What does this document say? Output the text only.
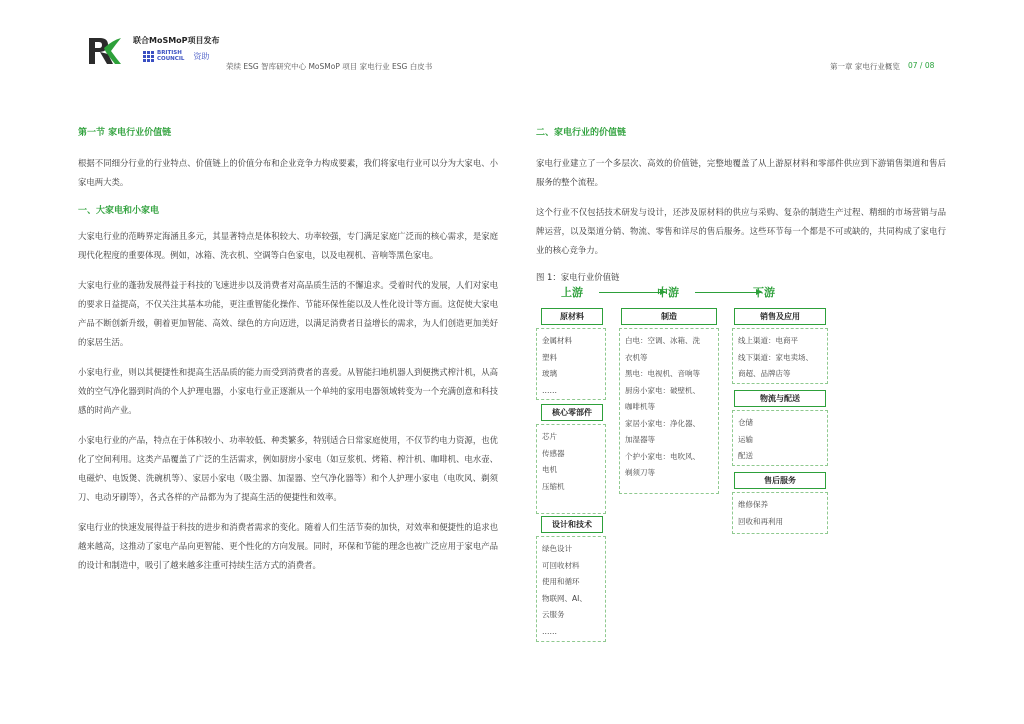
联合MoSMoP项目发布
BRITISH
COUNCIL 资助
荣续 ESG 智库研究中心 MoSMoP 项目 家电行业 ESG 白皮书	第一章 家电行业概览 07 / 08
第一节 家电行业价值链

根据不同细分行业的行业特点、价值链上的价值分布和企业竞争力构成要素，我们将家电行业可以分为大家电、小家电两大类。

一、大家电和小家电

大家电行业的范畴界定海涵且多元，其显著特点是体积较大、功率较强，专门满足家庭广泛而的核心需求，是家庭现代化程度的重要体现。例如，冰箱、洗衣机、空调等白色家电，以及电视机、音响等黑色家电。

大家电行业的蓬勃发展得益于科技的飞速进步以及消费者对高品质生活的不懈追求。受着时代的发展，人们对家电的要求日益提高，不仅关注其基本功能，更注重智能化操作、节能环保性能以及人性化设计等方面。这促使大家电产品不断创新升级，朝着更加智能、高效、绿色的方向迈进，以满足消费者日益增长的需求，为人们创造更加美好的家居生活。

小家电行业，则以其便捷性和提高生活品质的能力而受到消费者的喜爱。从智能扫地机器人到便携式榨汁机，从高效的空气净化器到时尚的个人护理电器，小家电行业正逐渐从一个单纯的家用电器领域转变为一个充满创意和科技感的时尚产业。

小家电行业的产品，特点在于体积较小、功率较低、种类繁多，特别适合日常家庭使用，不仅节约电力资源，也优化了空间利用。这类产品覆盖了广泛的生活需求，例如厨房小家电（如豆浆机、烤箱、榨汁机、咖啡机、电水壶、电磁炉、电饭煲、洗碗机等）、家居小家电（吸尘器、加湿器、空气净化器等）和个人护理小家电（电吹风、剃须刀、电动牙刷等），各式各样的产品都为为了提高生活的便捷性和效率。

家电行业的快速发展得益于科技的进步和消费者需求的变化。随着人们生活节奏的加快，对效率和便捷性的追求也越来越高，这推动了家电产品向更智能、更个性化的方向发展。同时，环保和节能的理念也被广泛应用于家电产品的设计和制造中，吸引了越来越多注重可持续生活方式的消费者。

二、家电行业的价值链

家电行业建立了一个多层次、高效的价值链，完整地覆盖了从上游原材料和零部件供应到下游销售渠道和售后服务的整个流程。

这个行业不仅包括技术研发与设计，还涉及原材料的供应与采购、复杂的制造生产过程、精细的市场营销与品牌运营，以及渠道分销、物流、零售和详尽的售后服务。这些环节每一个都是不可或缺的，共同构成了家电行业的核心竞争力。

图 1：家电行业价值链
上游	中游	下游
原材料
金属材料
塑料
玻璃
……
核心零部件
芯片
传感器
电机
压缩机
设计和技术
绿色设计
可回收材料
使用和循环
物联网、AI、
云服务
……
制造
白电：空调、冰箱、洗
衣机等
黑电：电视机、音响等
厨房小家电：破壁机、
咖啡机等
家居小家电：净化器、
加湿器等
个护小家电：电吹风、
剃须刀等
销售及应用
线上渠道：电商平
线下渠道：家电卖场、
商超、品牌店等
物流与配送
仓储
运输
配送
售后服务
维修保养
回收和再利用
